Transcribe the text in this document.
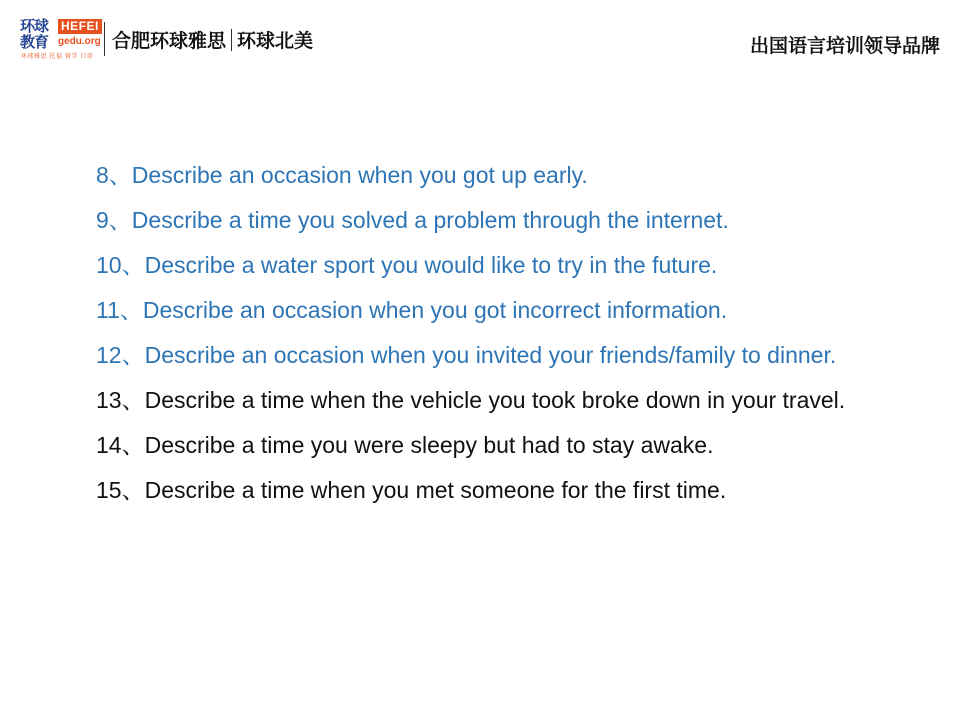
环球
教育
HEFEI
gedu.org
环球雅思 托福 留学 口语
合肥环球雅思 环球北美	出国语言培训领导品牌
8、Describe an occasion when you got up early.
9、Describe a time you solved a problem through the internet.
10、Describe a water sport you would like to try in the future.
11、Describe an occasion when you got incorrect information.
12、Describe an occasion when you invited your friends/family to dinner.
13、Describe a time when the vehicle you took broke down in your travel.
14、Describe a time you were sleepy but had to stay awake.
15、Describe a time when you met someone for the first time.
